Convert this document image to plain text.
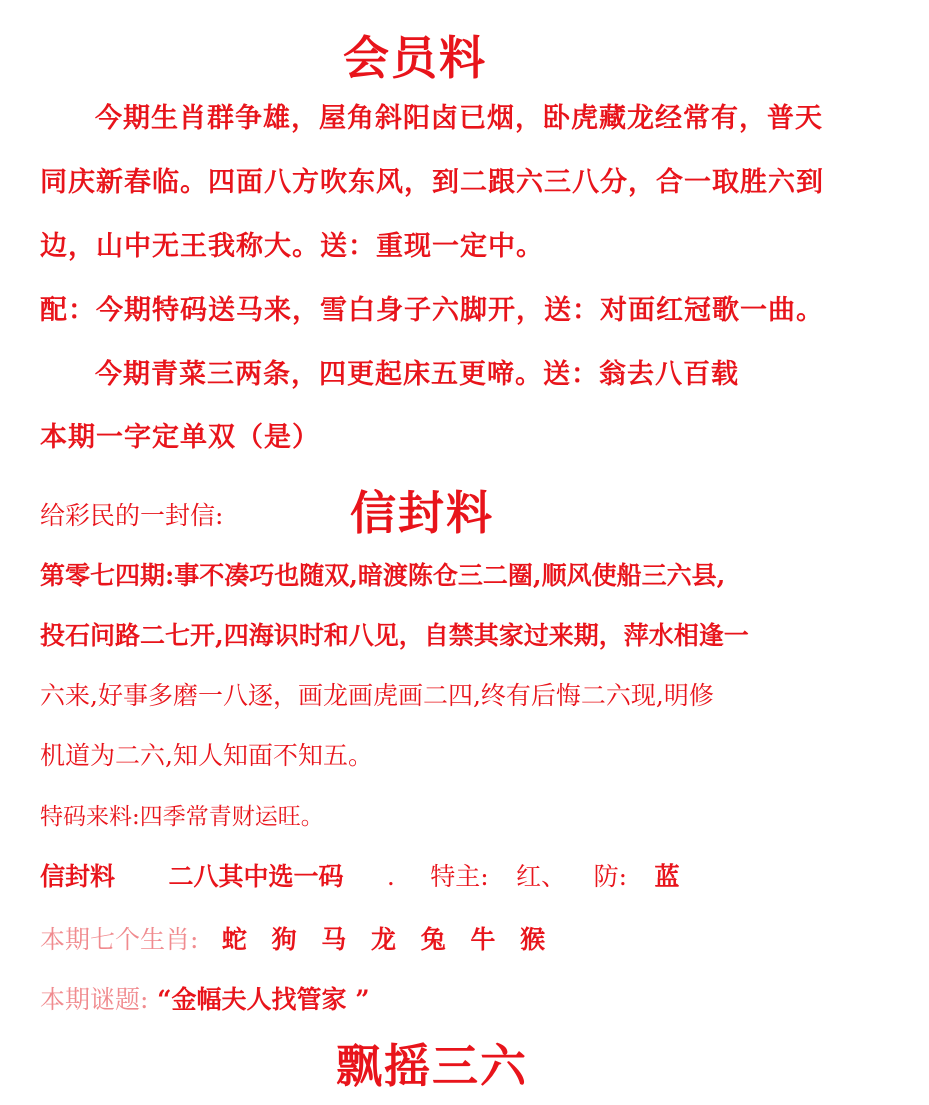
会员料
今期生肖群争雄，屋角斜阳卤已烟，卧虎藏龙经常有，普天
同庆新春临。四面八方吹东风，到二跟六三八分，合一取胜六到
边，山中无王我称大。送：重现一定中。
配：今期特码送马来，雪白身子六脚开，送：对面红冠歌一曲。
今期青菜三两条，四更起床五更啼。送：翁去八百载
本期一字定单双（是）
给彩民的一封信:	信封料
第零七四期:事不凑巧也随双,暗渡陈仓三二圈,顺风使船三六县,
投石问路二七开,四海识时和八见，自禁其家过来期，萍水相逢一
六来,好事多磨一八逐，画龙画虎画二四,终有后悔二六现,明修
机道为二六,知人知面不知五。
特码来料:四季常青财运旺。
信封料 二八其中选一码 . 特主: 红、 防: 蓝
本期七个生肖: 蛇 狗 马 龙 兔 牛 猴
本期谜题: “金幅夫人找管家 ”
飘摇三六
